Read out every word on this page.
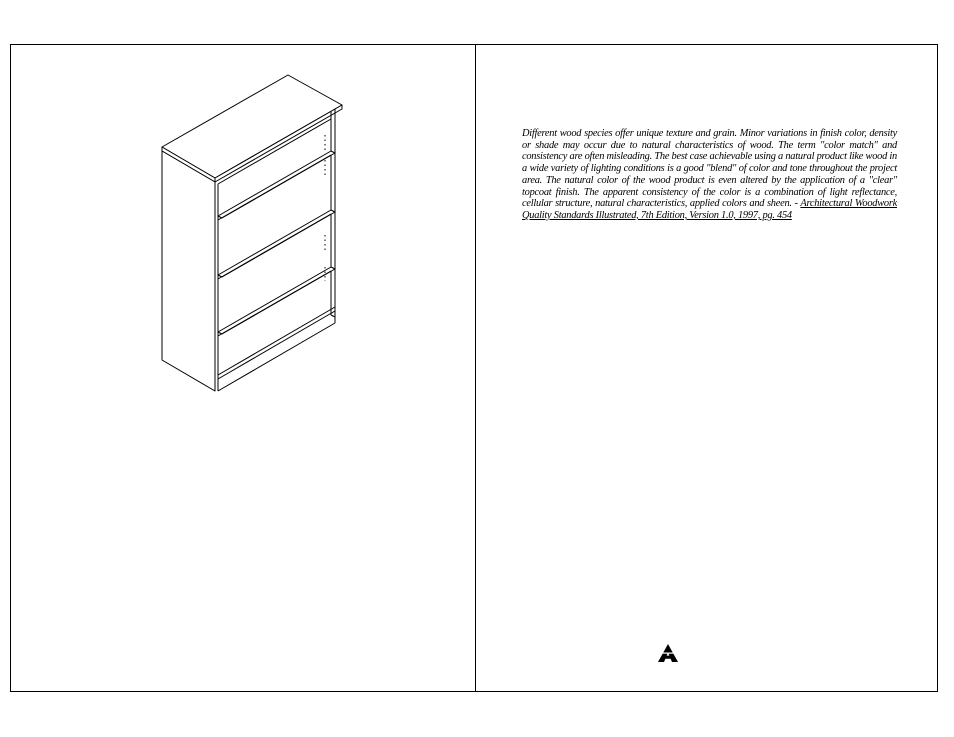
Different wood species offer unique texture and grain. Minor variations in finish color, density or shade may occur due to natural characteristics of wood. The term "color match" and consistency are often misleading. The best case achievable using a natural product like wood in a wide variety of lighting conditions is a good "blend" of color and tone throughout the project area. The natural color of the wood product is even altered by the application of a "clear" topcoat finish. The apparent consistency of the color is a combination of light reflectance, cellular structure, natural characteristics, applied colors and sheen. - Architectural Woodwork Quality Standards Illustrated, 7th Edition, Version 1.0, 1997, pg. 454
